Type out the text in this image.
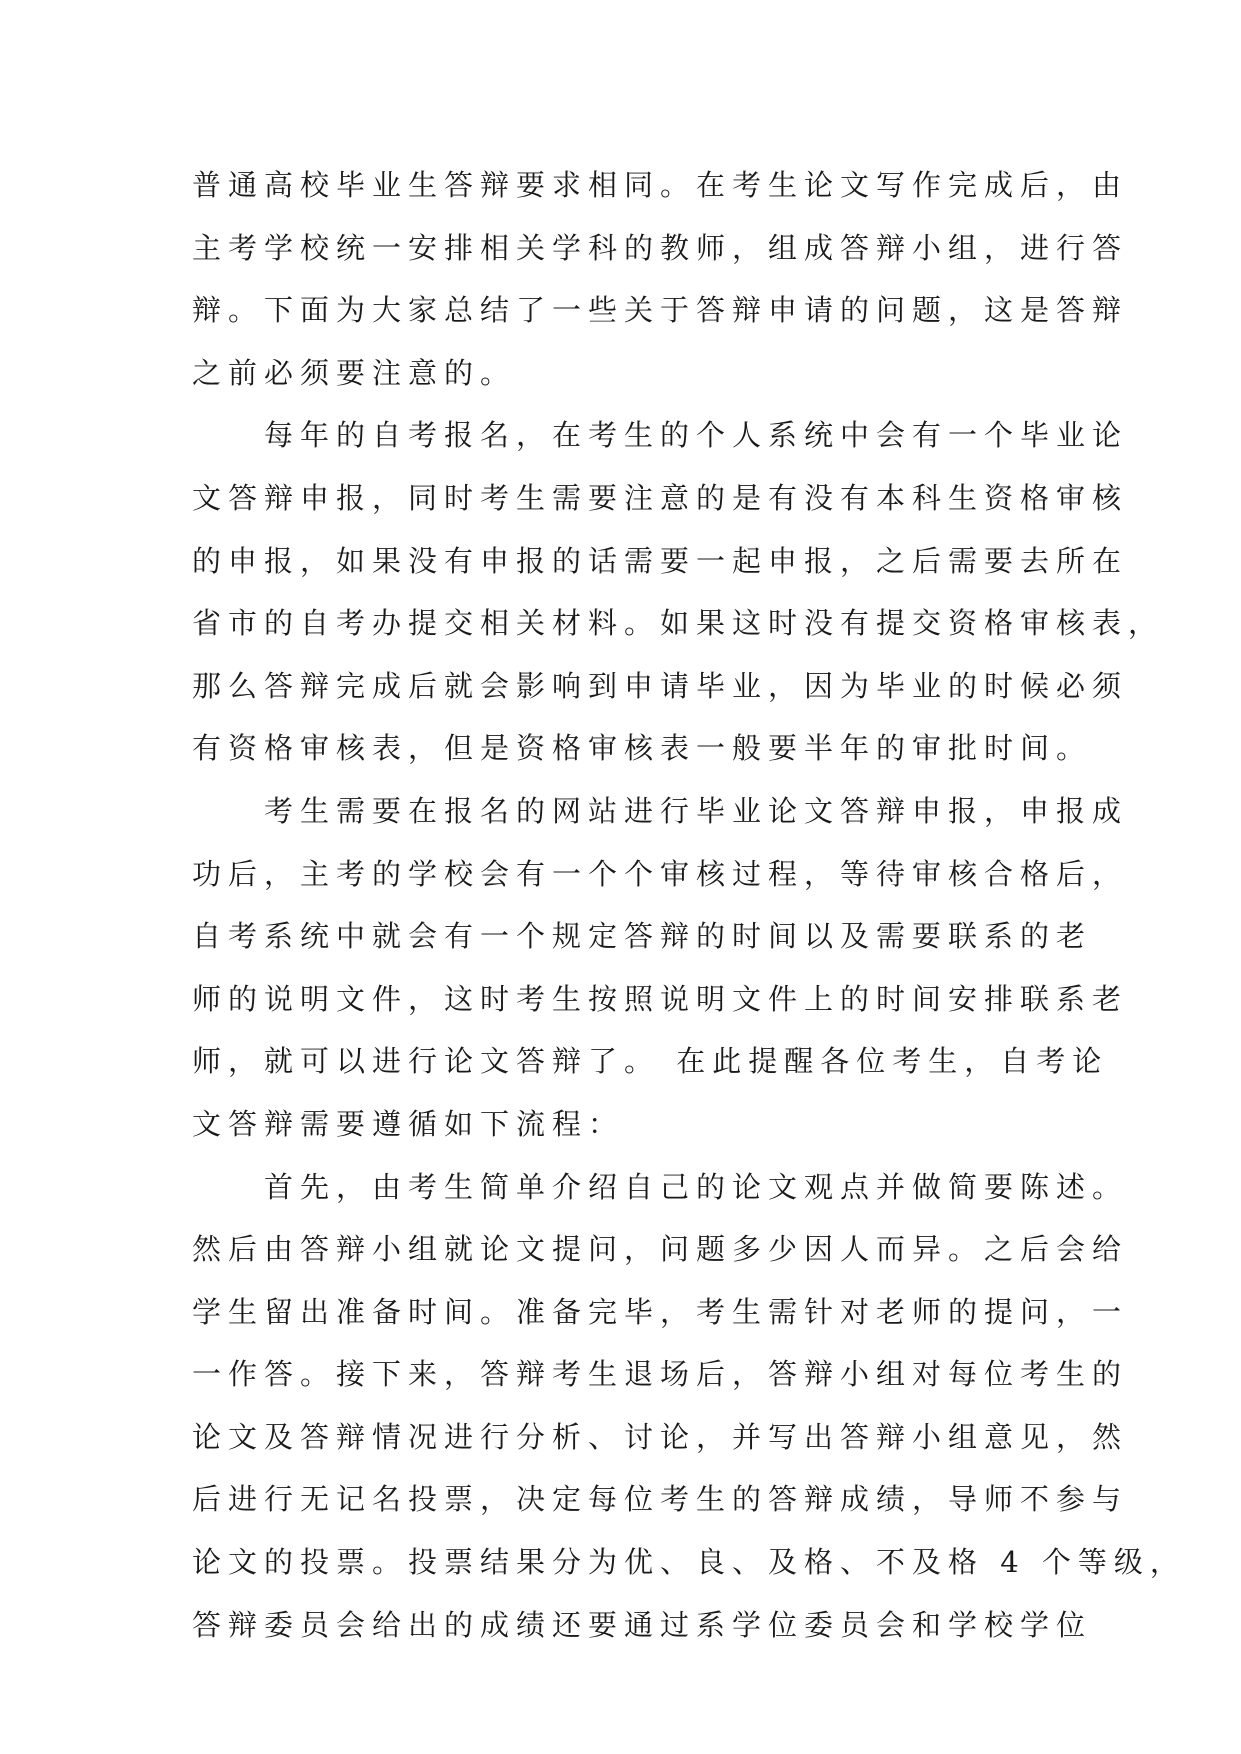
普通高校毕业生答辩要求相同。在考生论文写作完成后，由
主考学校统一安排相关学科的教师，组成答辩小组，进行答
辩。下面为大家总结了一些关于答辩申请的问题，这是答辩
之前必须要注意的。
　　每年的自考报名，在考生的个人系统中会有一个毕业论
文答辩申报，同时考生需要注意的是有没有本科生资格审核
的申报，如果没有申报的话需要一起申报，之后需要去所在
省市的自考办提交相关材料。如果这时没有提交资格审核表，
那么答辩完成后就会影响到申请毕业，因为毕业的时候必须
有资格审核表，但是资格审核表一般要半年的审批时间。
　　考生需要在报名的网站进行毕业论文答辩申报，申报成
功后，主考的学校会有一个个审核过程，等待审核合格后，
自考系统中就会有一个规定答辩的时间以及需要联系的老
师的说明文件，这时考生按照说明文件上的时间安排联系老
师，就可以进行论文答辩了。 在此提醒各位考生，自考论
文答辩需要遵循如下流程：
　　首先，由考生简单介绍自己的论文观点并做简要陈述。
然后由答辩小组就论文提问，问题多少因人而异。之后会给
学生留出准备时间。准备完毕，考生需针对老师的提问，一
一作答。接下来，答辩考生退场后，答辩小组对每位考生的
论文及答辩情况进行分析、讨论，并写出答辩小组意见，然
后进行无记名投票，决定每位考生的答辩成绩，导师不参与
论文的投票。投票结果分为优、良、及格、不及格 4 个等级，
答辩委员会给出的成绩还要通过系学位委员会和学校学位
